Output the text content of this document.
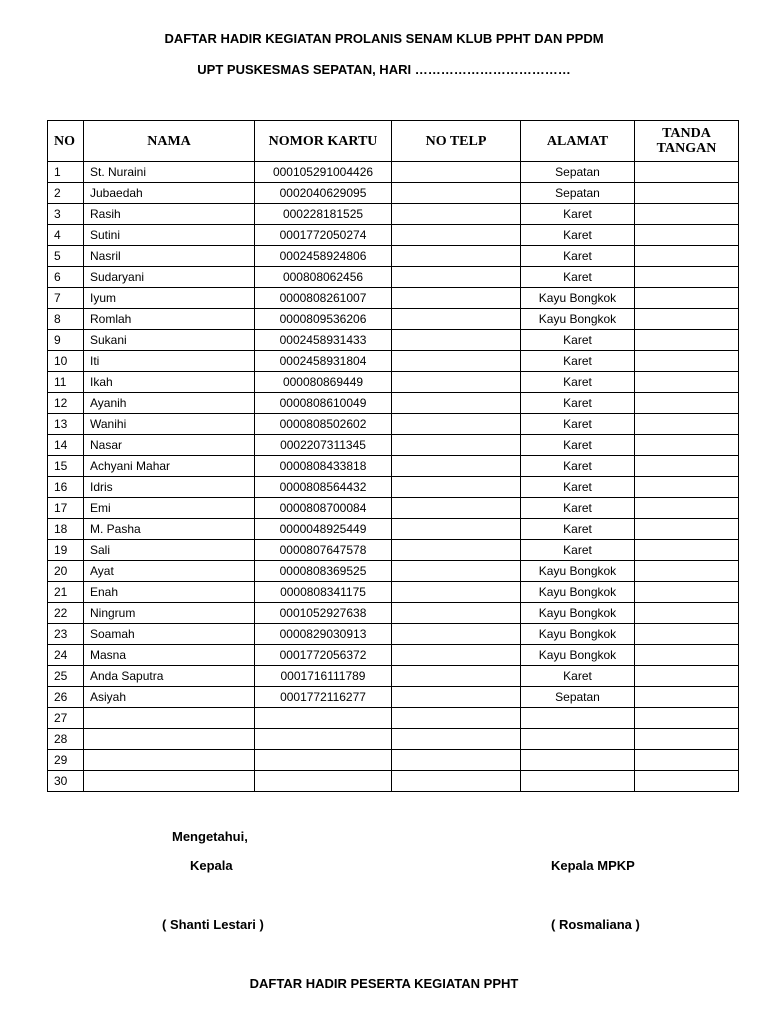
DAFTAR HADIR KEGIATAN PROLANIS SENAM KLUB PPHT DAN PPDM
UPT PUSKESMAS SEPATAN, HARI ………………………………
NO	NAMA	NOMOR KARTU	NO TELP	ALAMAT	TANDA TANGAN
1	St. Nuraini	000105291004426		Sepatan	
2	Jubaedah	0002040629095		Sepatan	
3	Rasih	000228181525		Karet	
4	Sutini	0001772050274		Karet	
5	Nasril	0002458924806		Karet	
6	Sudaryani	000808062456		Karet	
7	Iyum	0000808261007		Kayu Bongkok	
8	Romlah	0000809536206		Kayu Bongkok	
9	Sukani	0002458931433		Karet	
10	Iti	0002458931804		Karet	
11	Ikah	000080869449		Karet	
12	Ayanih	0000808610049		Karet	
13	Wanihi	0000808502602		Karet	
14	Nasar	0002207311345		Karet	
15	Achyani Mahar	0000808433818		Karet	
16	Idris	0000808564432		Karet	
17	Emi	0000808700084		Karet	
18	M. Pasha	0000048925449		Karet	
19	Sali	0000807647578		Karet	
20	Ayat	0000808369525		Kayu Bongkok	
21	Enah	0000808341175		Kayu Bongkok	
22	Ningrum	0001052927638		Kayu Bongkok	
23	Soamah	0000829030913		Kayu Bongkok	
24	Masna	0001772056372		Kayu Bongkok	
25	Anda Saputra	0001716111789		Karet	
26	Asiyah	0001772116277		Sepatan	
27					
28					
29					
30					
Mengetahui,
Kepala	Kepala MPKP
( Shanti Lestari )	( Rosmaliana )
DAFTAR HADIR PESERTA KEGIATAN PPHT
